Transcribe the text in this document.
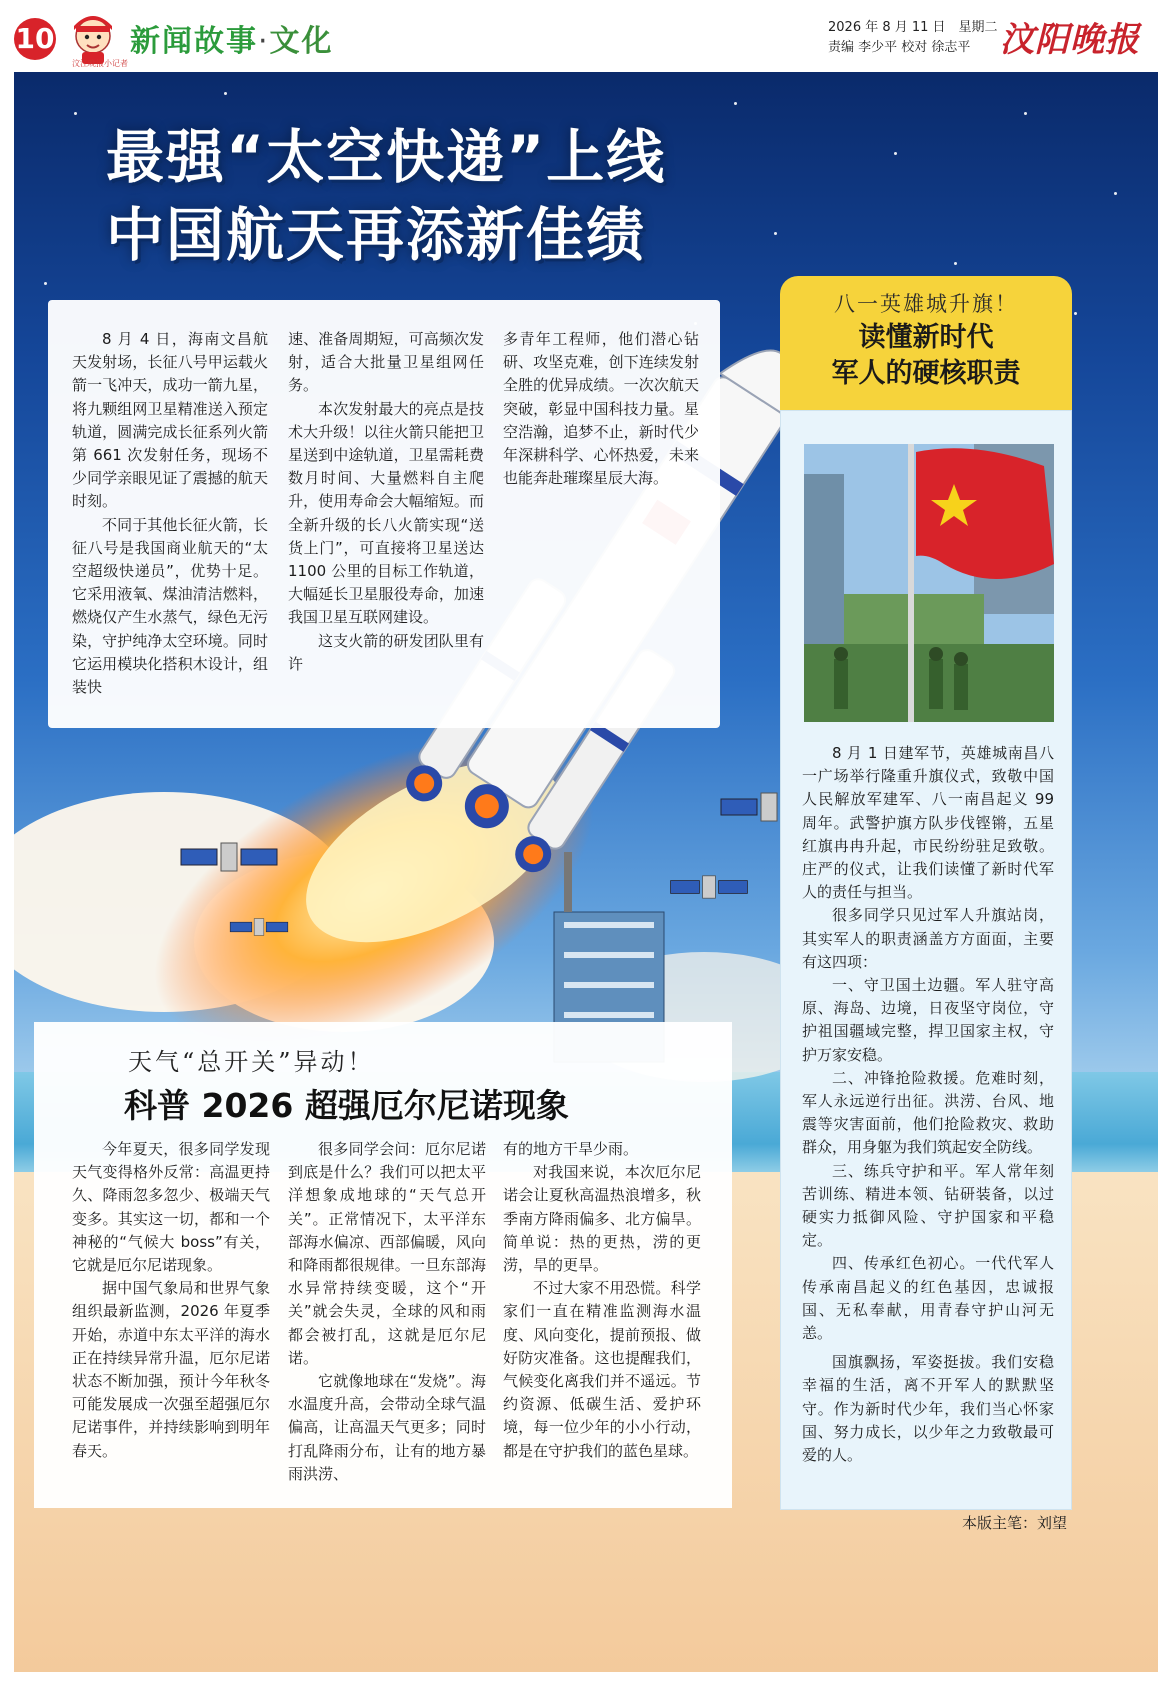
10
汶江晚报小记者
新闻故事·文化	2026 年 8 月 11 日　星期二
责编 李少平 校对 徐志平 汶阳晚报
最强“太空快递”上线
中国航天再添新佳绩

8 月 4 日，海南文昌航天发射场，长征八号甲运载火箭一飞冲天，成功一箭九星，将九颗组网卫星精准送入预定轨道，圆满完成长征系列火箭第 661 次发射任务，现场不少同学亲眼见证了震撼的航天时刻。

不同于其他长征火箭，长征八号是我国商业航天的“太空超级快递员”，优势十足。它采用液氧、煤油清洁燃料，燃烧仅产生水蒸气，绿色无污染，守护纯净太空环境。同时它运用模块化搭积木设计，组装快

速、准备周期短，可高频次发射，适合大批量卫星组网任务。

本次发射最大的亮点是技术大升级！以往火箭只能把卫星送到中途轨道，卫星需耗费数月时间、大量燃料自主爬升，使用寿命会大幅缩短。而全新升级的长八火箭实现“送货上门”，可直接将卫星送达 1100 公里的目标工作轨道，大幅延长卫星服役寿命，加速我国卫星互联网建设。

这支火箭的研发团队里有许

多青年工程师，他们潜心钻研、攻坚克难，创下连续发射全胜的优异成绩。一次次航天突破，彰显中国科技力量。星空浩瀚，追梦不止，新时代少年深耕科学、心怀热爱，未来也能奔赴璀璨星辰大海。

八一英雄城升旗！
读懂新时代
军人的硬核职责

8 月 1 日建军节，英雄城南昌八一广场举行隆重升旗仪式，致敬中国人民解放军建军、八一南昌起义 99 周年。武警护旗方队步伐铿锵，五星红旗冉冉升起，市民纷纷驻足致敬。庄严的仪式，让我们读懂了新时代军人的责任与担当。

很多同学只见过军人升旗站岗，其实军人的职责涵盖方方面面，主要有这四项：

一、守卫国土边疆。军人驻守高原、海岛、边境，日夜坚守岗位，守护祖国疆域完整，捍卫国家主权，守护万家安稳。

二、冲锋抢险救援。危难时刻，军人永远逆行出征。洪涝、台风、地震等灾害面前，他们抢险救灾、救助群众，用身躯为我们筑起安全防线。

三、练兵守护和平。军人常年刻苦训练、精进本领、钻研装备，以过硬实力抵御风险、守护国家和平稳定。

四、传承红色初心。一代代军人传承南昌起义的红色基因，忠诚报国、无私奉献，用青春守护山河无恙。

国旗飘扬，军姿挺拔。我们安稳幸福的生活，离不开军人的默默坚守。作为新时代少年，我们当心怀家国、努力成长，以少年之力致敬最可爱的人。

天气“总开关”异动！
科普 2026 超强厄尔尼诺现象

今年夏天，很多同学发现天气变得格外反常：高温更持久、降雨忽多忽少、极端天气变多。其实这一切，都和一个神秘的“气候大 boss”有关，它就是厄尔尼诺现象。

据中国气象局和世界气象组织最新监测，2026 年夏季开始，赤道中东太平洋的海水正在持续异常升温，厄尔尼诺状态不断加强，预计今年秋冬可能发展成一次强至超强厄尔尼诺事件，并持续影响到明年春天。

很多同学会问：厄尔尼诺到底是什么？我们可以把太平洋想象成地球的“天气总开关”。正常情况下，太平洋东部海水偏凉、西部偏暖，风向和降雨都很规律。一旦东部海水异常持续变暖，这个“开关”就会失灵，全球的风和雨都会被打乱，这就是厄尔尼诺。

它就像地球在“发烧”。海水温度升高，会带动全球气温偏高，让高温天气更多；同时打乱降雨分布，让有的地方暴雨洪涝、

有的地方干旱少雨。

对我国来说，本次厄尔尼诺会让夏秋高温热浪增多，秋季南方降雨偏多、北方偏旱。简单说：热的更热，涝的更涝，旱的更旱。

不过大家不用恐慌。科学家们一直在精准监测海水温度、风向变化，提前预报、做好防灾准备。这也提醒我们，气候变化离我们并不遥远。节约资源、低碳生活、爱护环境，每一位少年的小小行动，都是在守护我们的蓝色星球。

本版主笔：刘望
